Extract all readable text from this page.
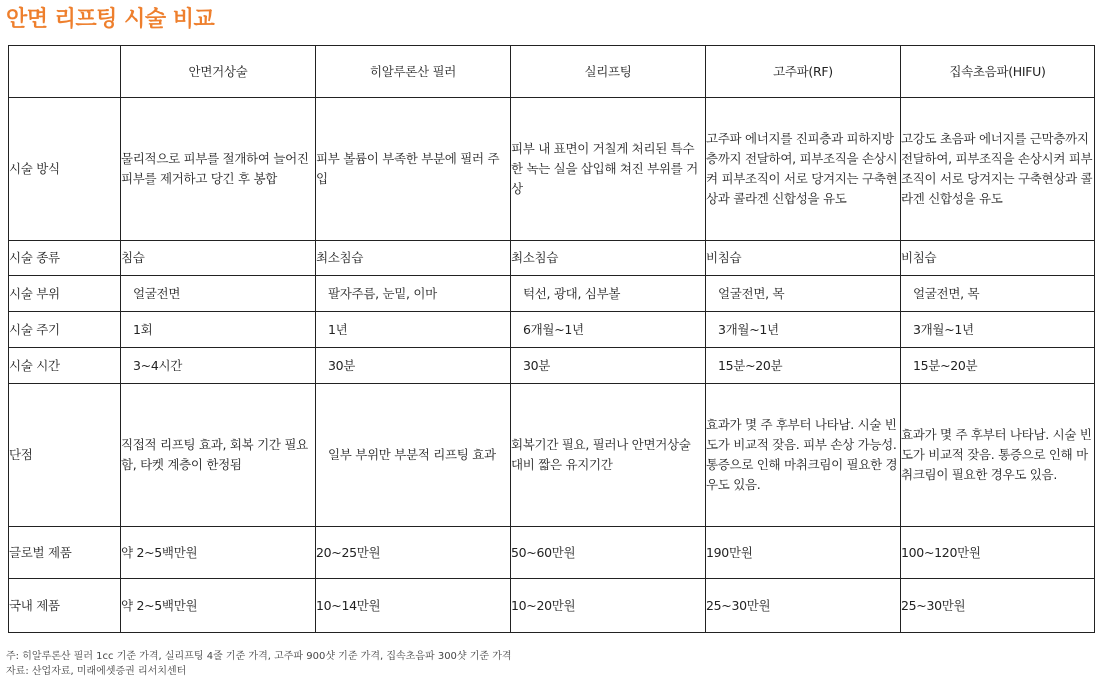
안면 리프팅 시술 비교
	안면거상술	히알루론산 필러	실리프팅	고주파(RF)	집속초음파(HIFU)
시술 방식	물리적으로 피부를 절개하여 늘어진 피부를 제거하고 당긴 후 봉합	피부 볼륨이 부족한 부분에 필러 주입	피부 내 표면이 거칠게 처리된 특수한 녹는 실을 삽입해 쳐진 부위를 거상	고주파 에너지를 진피층과 피하지방층까지 전달하여, 피부조직을 손상시켜 피부조직이 서로 당겨지는 구축현상과 콜라겐 신합성을 유도	고강도 초음파 에너지를 근막층까지 전달하여, 피부조직을 손상시켜 피부조직이 서로 당겨지는 구축현상과 콜라겐 신합성을 유도
시술 종류	침습	최소침습	최소침습	비침습	비침습
시술 부위	얼굴전면	팔자주름, 눈밑, 이마	턱선, 광대, 심부볼	얼굴전면, 목	얼굴전면, 목
시술 주기	1회	1년	6개월~1년	3개월~1년	3개월~1년
시술 시간	3~4시간	30분	30분	15분~20분	15분~20분
단점	직접적 리프팅 효과, 회복 기간 필요함, 타켓 계층이 한정됨	일부 부위만 부분적 리프팅 효과	회복기간 필요, 필러나 안면거상술 대비 짧은 유지기간	효과가 몇 주 후부터 나타남. 시술 빈도가 비교적 잦음. 피부 손상 가능성. 통증으로 인해 마취크림이 필요한 경우도 있음.	효과가 몇 주 후부터 나타남. 시술 빈도가 비교적 잦음. 통증으로 인해 마취크림이 필요한 경우도 있음.
글로벌 제품	약 2~5백만원	20~25만원	50~60만원	190만원	100~120만원
국내 제품	약 2~5백만원	10~14만원	10~20만원	25~30만원	25~30만원
주: 히알루론산 필러 1cc 기준 가격, 실리프팅 4줄 기준 가격, 고주파 900샷 기준 가격, 집속초음파 300샷 기준 가격
자료: 산업자료, 미래에셋증권 리서치센터
